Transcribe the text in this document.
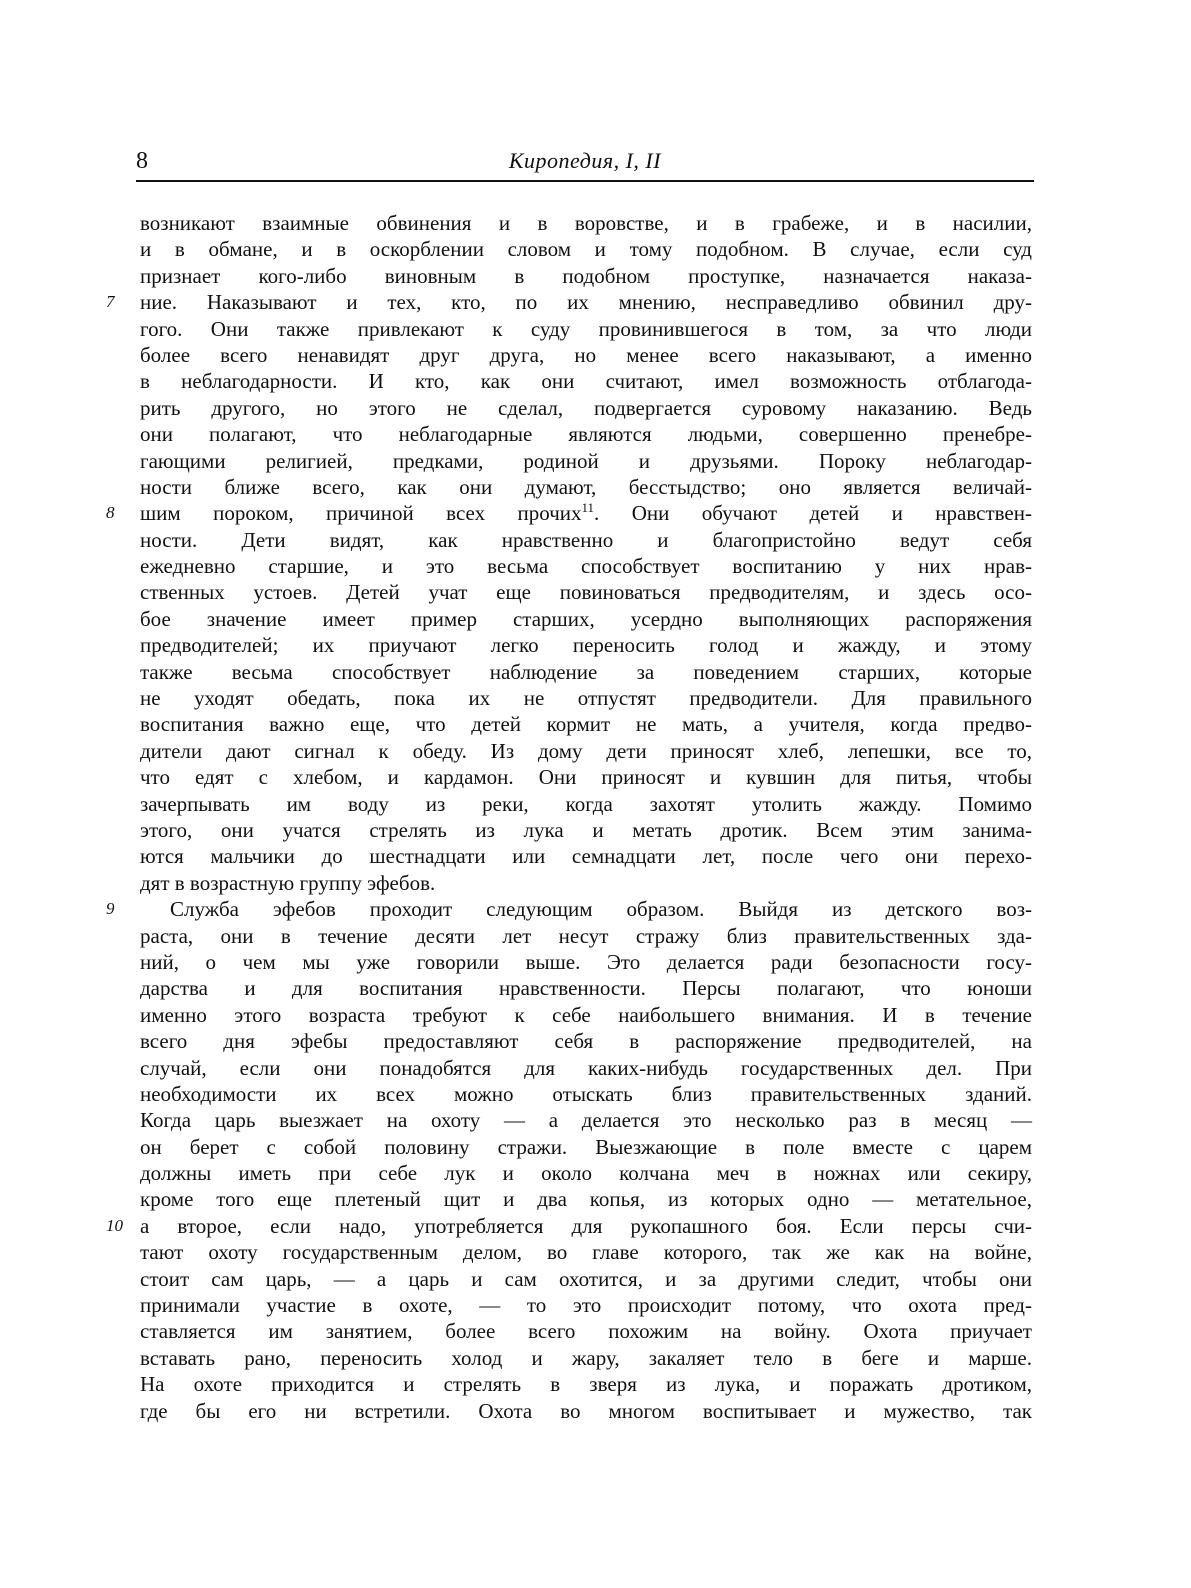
8	Киропедия, I, II
возникают взаимные обвинения и в воровстве, и в грабеже, и в насилии,
и в обмане, и в оскорблении словом и тому подобном. В случае, если суд
признает кого-либо виновным в подобном проступке, назначается наказа-
7	ние. Наказывают и тех, кто, по их мнению, несправедливо обвинил дру-
гого. Они также привлекают к суду провинившегося в том, за что люди
более всего ненавидят друг друга, но менее всего наказывают, а именно
в неблагодарности. И кто, как они считают, имел возможность отблагода-
рить другого, но этого не сделал, подвергается суровому наказанию. Ведь
они полагают, что неблагодарные являются людьми, совершенно пренебре-
гающими религией, предками, родиной и друзьями. Пороку неблагодар-
ности ближе всего, как они думают, бесстыдство; оно является величай-
8	шим пороком, причиной всех прочих$^{11}$. Они обучают детей и нравствен-
ности. Дети видят, как нравственно и благопристойно ведут себя
ежедневно старшие, и это весьма способствует воспитанию у них нрав-
ственных устоев. Детей учат еще повиноваться предводителям, и здесь осо-
бое значение имеет пример старших, усердно выполняющих распоряжения
предводителей; их приучают легко переносить голод и жажду, и этому
также весьма способствует наблюдение за поведением старших, которые
не уходят обедать, пока их не отпустят предводители. Для правильного
воспитания важно еще, что детей кормит не мать, а учителя, когда предво-
дители дают сигнал к обеду. Из дому дети приносят хлеб, лепешки, все то,
что едят с хлебом, и кардамон. Они приносят и кувшин для питья, чтобы
зачерпывать им воду из реки, когда захотят утолить жажду. Помимо
этого, они учатся стрелять из лука и метать дротик. Всем этим занима-
ются мальчики до шестнадцати или семнадцати лет, после чего они перехо-
дят в возрастную группу эфебов.
9	Служба эфебов проходит следующим образом. Выйдя из детского воз-
раста, они в течение десяти лет несут стражу близ правительственных зда-
ний, о чем мы уже говорили выше. Это делается ради безопасности госу-
дарства и для воспитания нравственности. Персы полагают, что юноши
именно этого возраста требуют к себе наибольшего внимания. И в течение
всего дня эфебы предоставляют себя в распоряжение предводителей, на
случай, если они понадобятся для каких-нибудь государственных дел. При
необходимости их всех можно отыскать близ правительственных зданий.
Когда царь выезжает на охоту — а делается это несколько раз в месяц —
он берет с собой половину стражи. Выезжающие в поле вместе с царем
должны иметь при себе лук и около колчана меч в ножнах или секиру,
кроме того еще плетеный щит и два копья, из которых одно — метательное,
10 а второе, если надо, употребляется для рукопашного боя. Если персы счи-
тают охоту государственным делом, во главе которого, так же как на войне,
стоит сам царь, — а царь и сам охотится, и за другими следит, чтобы они
принимали участие в охоте, — то это происходит потому, что охота пред-
ставляется им занятием, более всего похожим на войну. Охота приучает
вставать рано, переносить холод и жару, закаляет тело в беге и марше.
На охоте приходится и стрелять в зверя из лука, и поражать дротиком,
где бы его ни встретили. Охота во многом воспитывает и мужество, так
